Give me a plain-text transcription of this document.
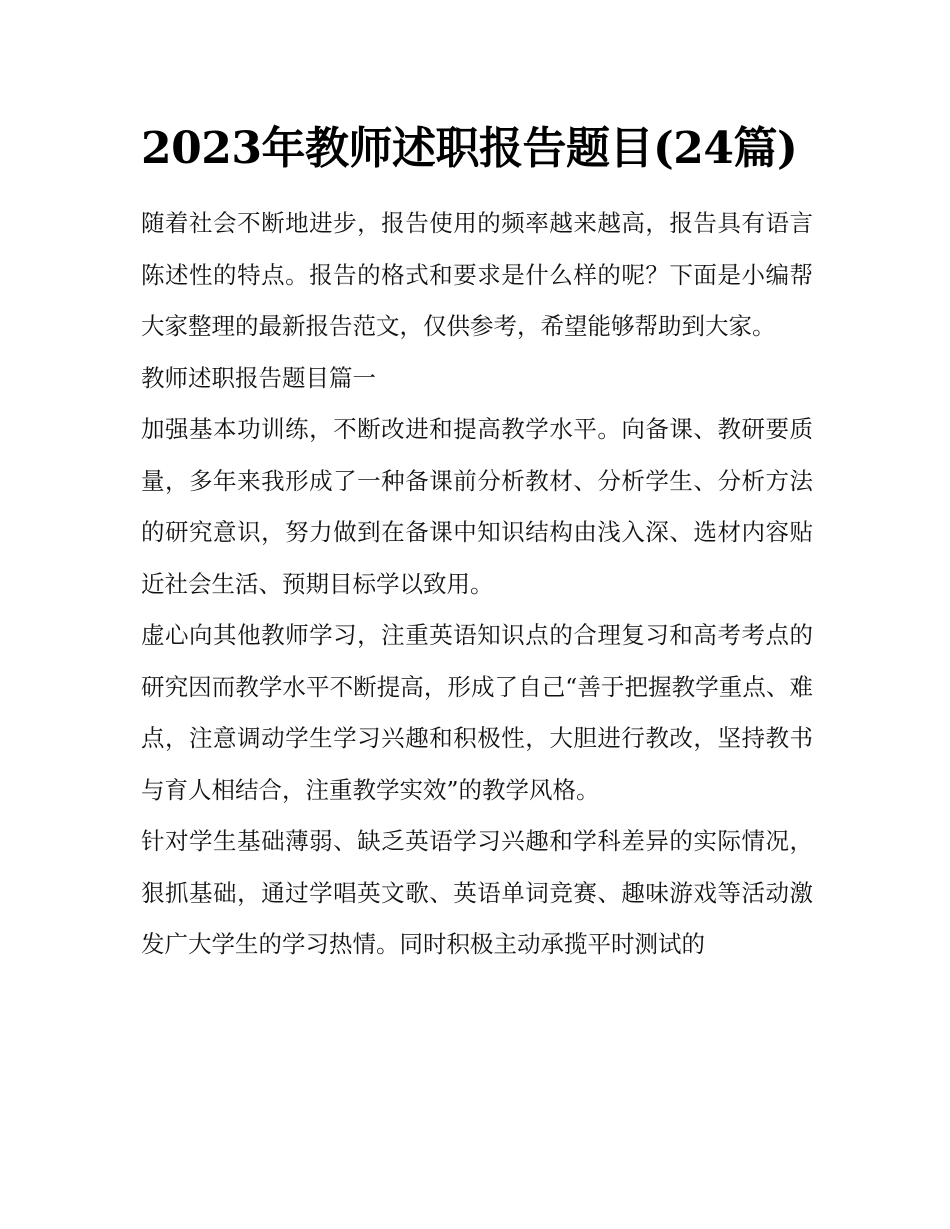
2023年教师述职报告题目(24篇)

随着社会不断地进步，报告使用的频率越来越高，报告具有语言陈述性的特点。报告的格式和要求是什么样的呢？下面是小编帮大家整理的最新报告范文，仅供参考，希望能够帮助到大家。

教师述职报告题目篇一

加强基本功训练，不断改进和提高教学水平。向备课、教研要质量，多年来我形成了一种备课前分析教材、分析学生、分析方法的研究意识，努力做到在备课中知识结构由浅入深、选材内容贴近社会生活、预期目标学以致用。

虚心向其他教师学习，注重英语知识点的合理复习和高考考点的研究因而教学水平不断提高，形成了自己“善于把握教学重点、难点，注意调动学生学习兴趣和积极性，大胆进行教改，坚持教书与育人相结合，注重教学实效”的教学风格。

针对学生基础薄弱、缺乏英语学习兴趣和学科差异的实际情况，狠抓基础，通过学唱英文歌、英语单词竞赛、趣味游戏等活动激发广大学生的学习热情。同时积极主动承揽平时测试的
